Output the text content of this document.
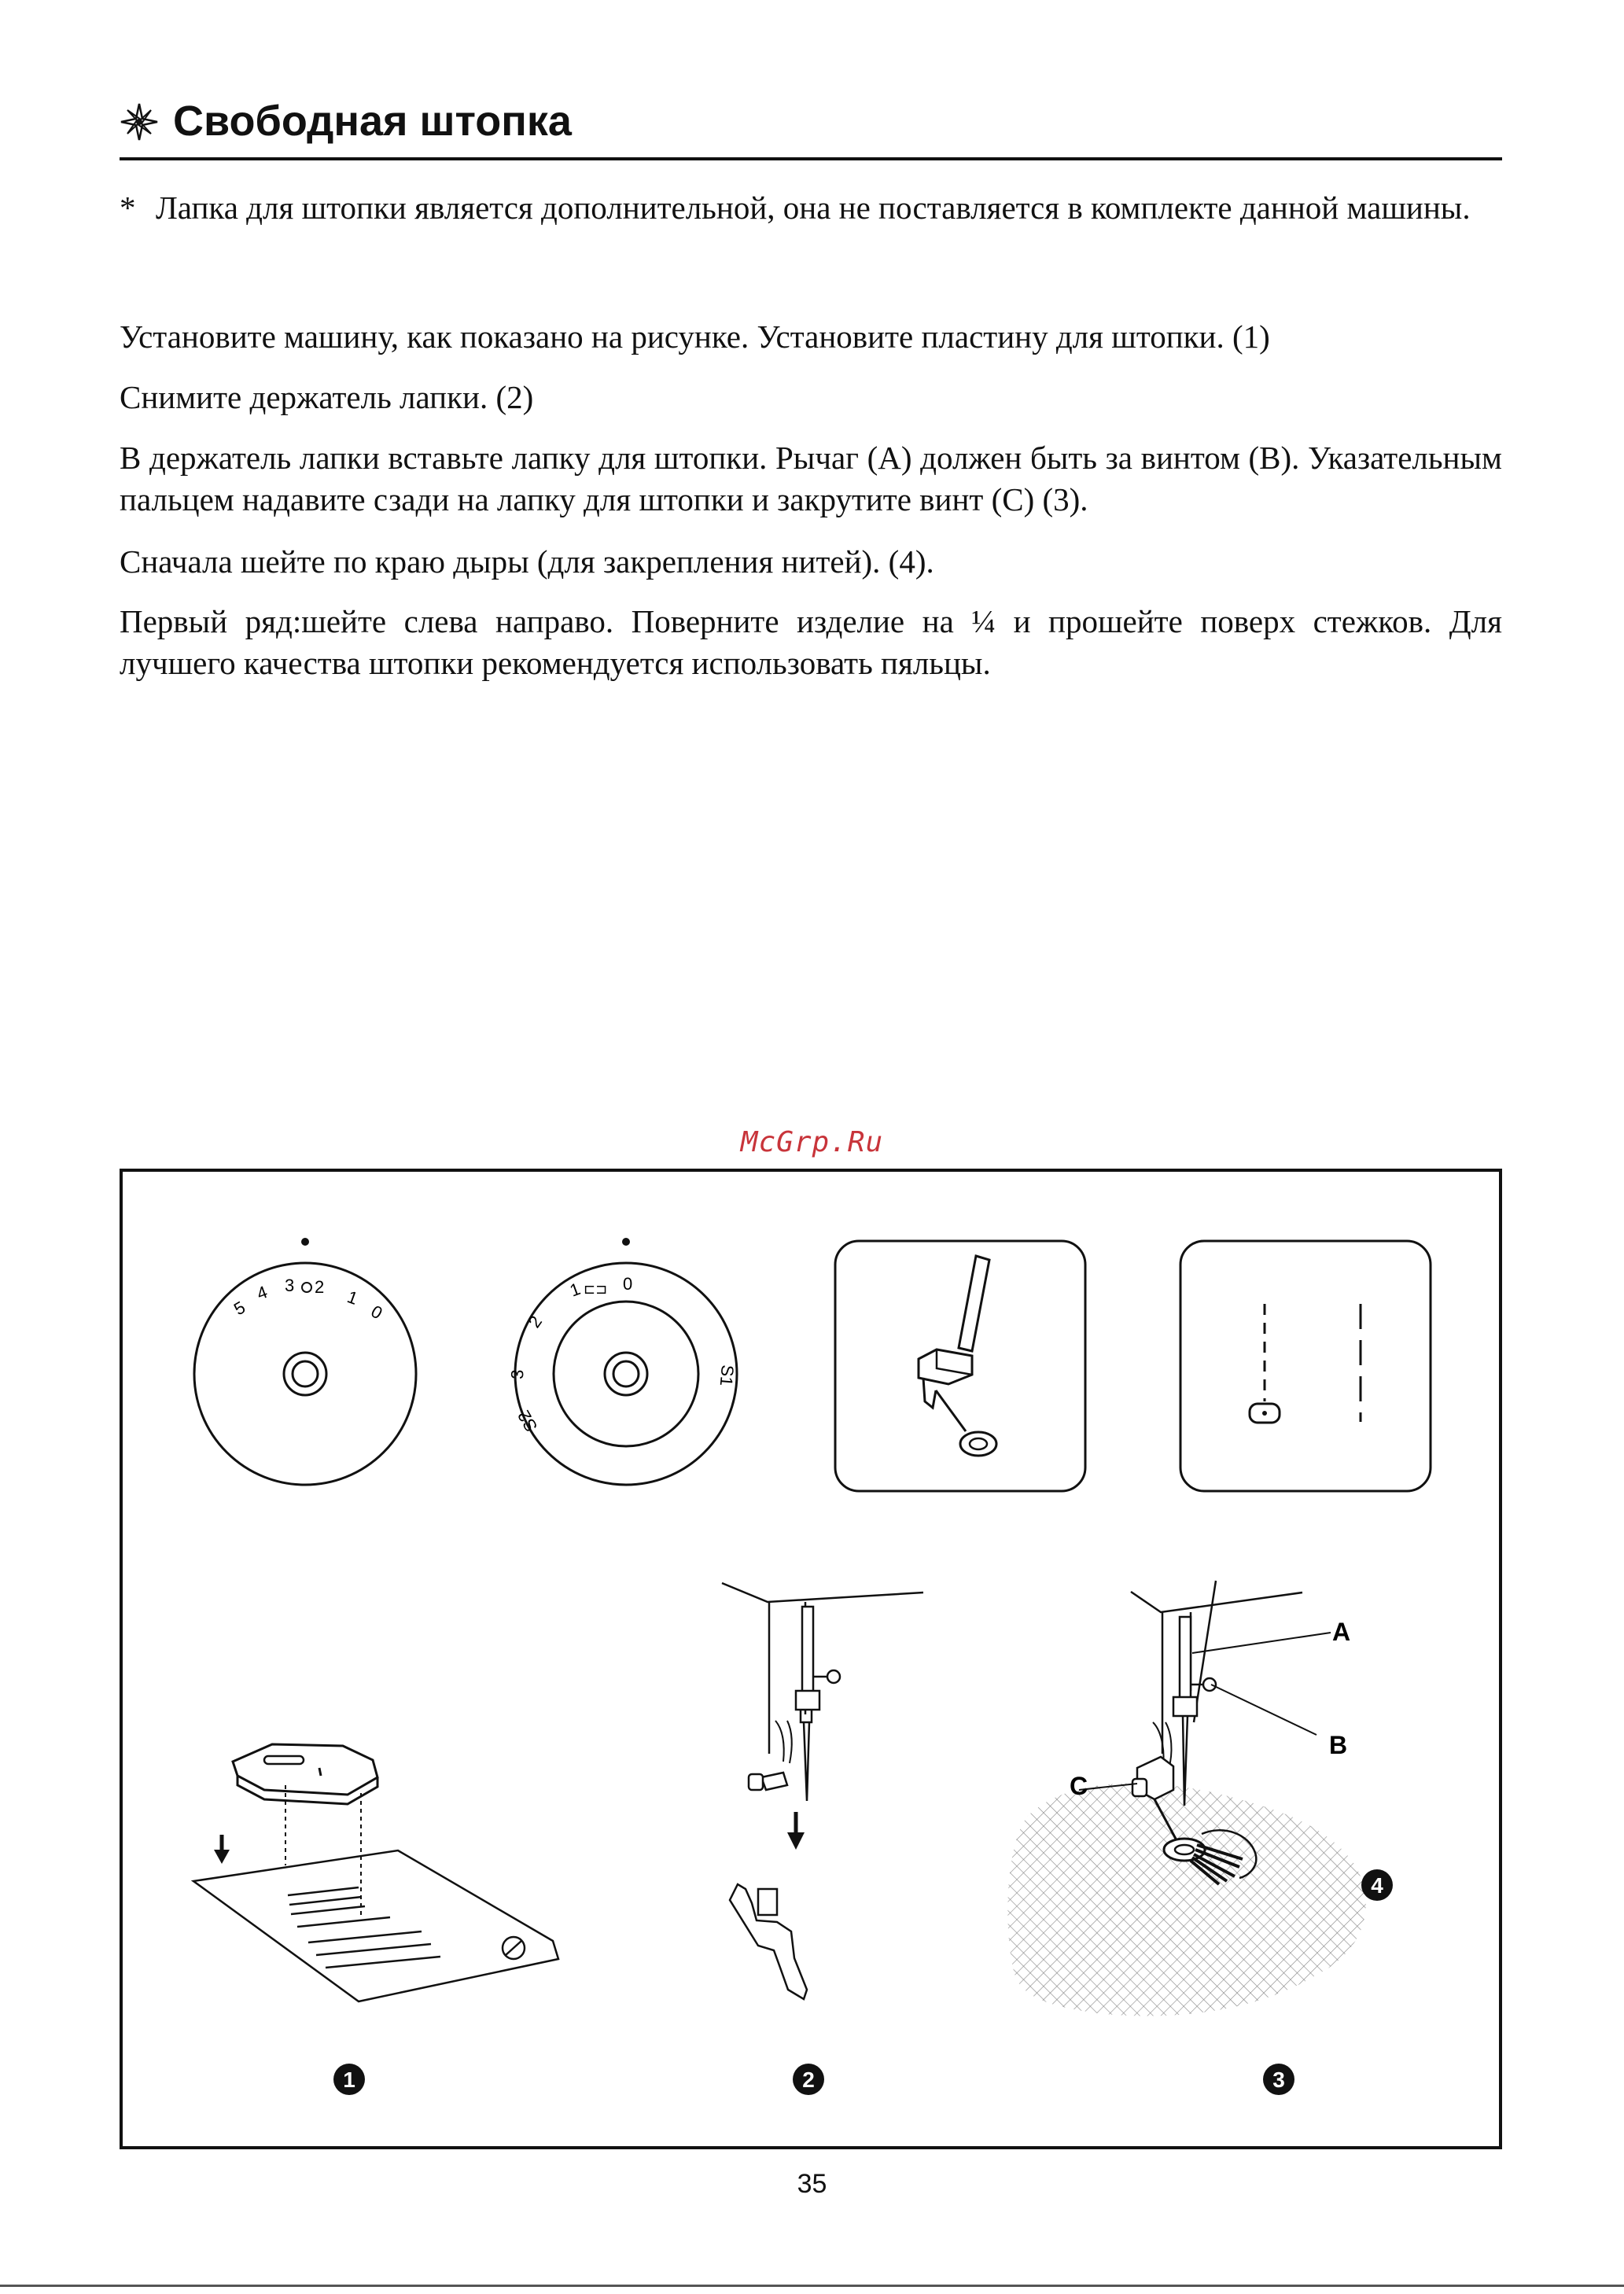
Свободная штопка
* Лапка для штопки является дополнительной, она не поставляется в комплекте данной машины.
Установите машину, как показано на рисунке. Установите пластину для штопки. (1)
Снимите держатель лапки. (2)
В держатель лапки вставьте лапку для штопки. Рычаг (A) должен быть за винтом (B). Указательным пальцем надавите сзади на лапку для штопки и закрутите винт (C) (3).
Сначала шейте по краю дыры (для закрепления нитей). (4).
Первый ряд:шейте слева направо. Поверните изделие на ¼ и прошейте поверх стежков. Для лучшего качества штопки рекомендуется использовать пяльцы.
McGrp.Ru
5
4 3 2 1
0
1 ⊏⊐ 0
2
3	S1
S2
A
B
C
1	2	3
4
35
